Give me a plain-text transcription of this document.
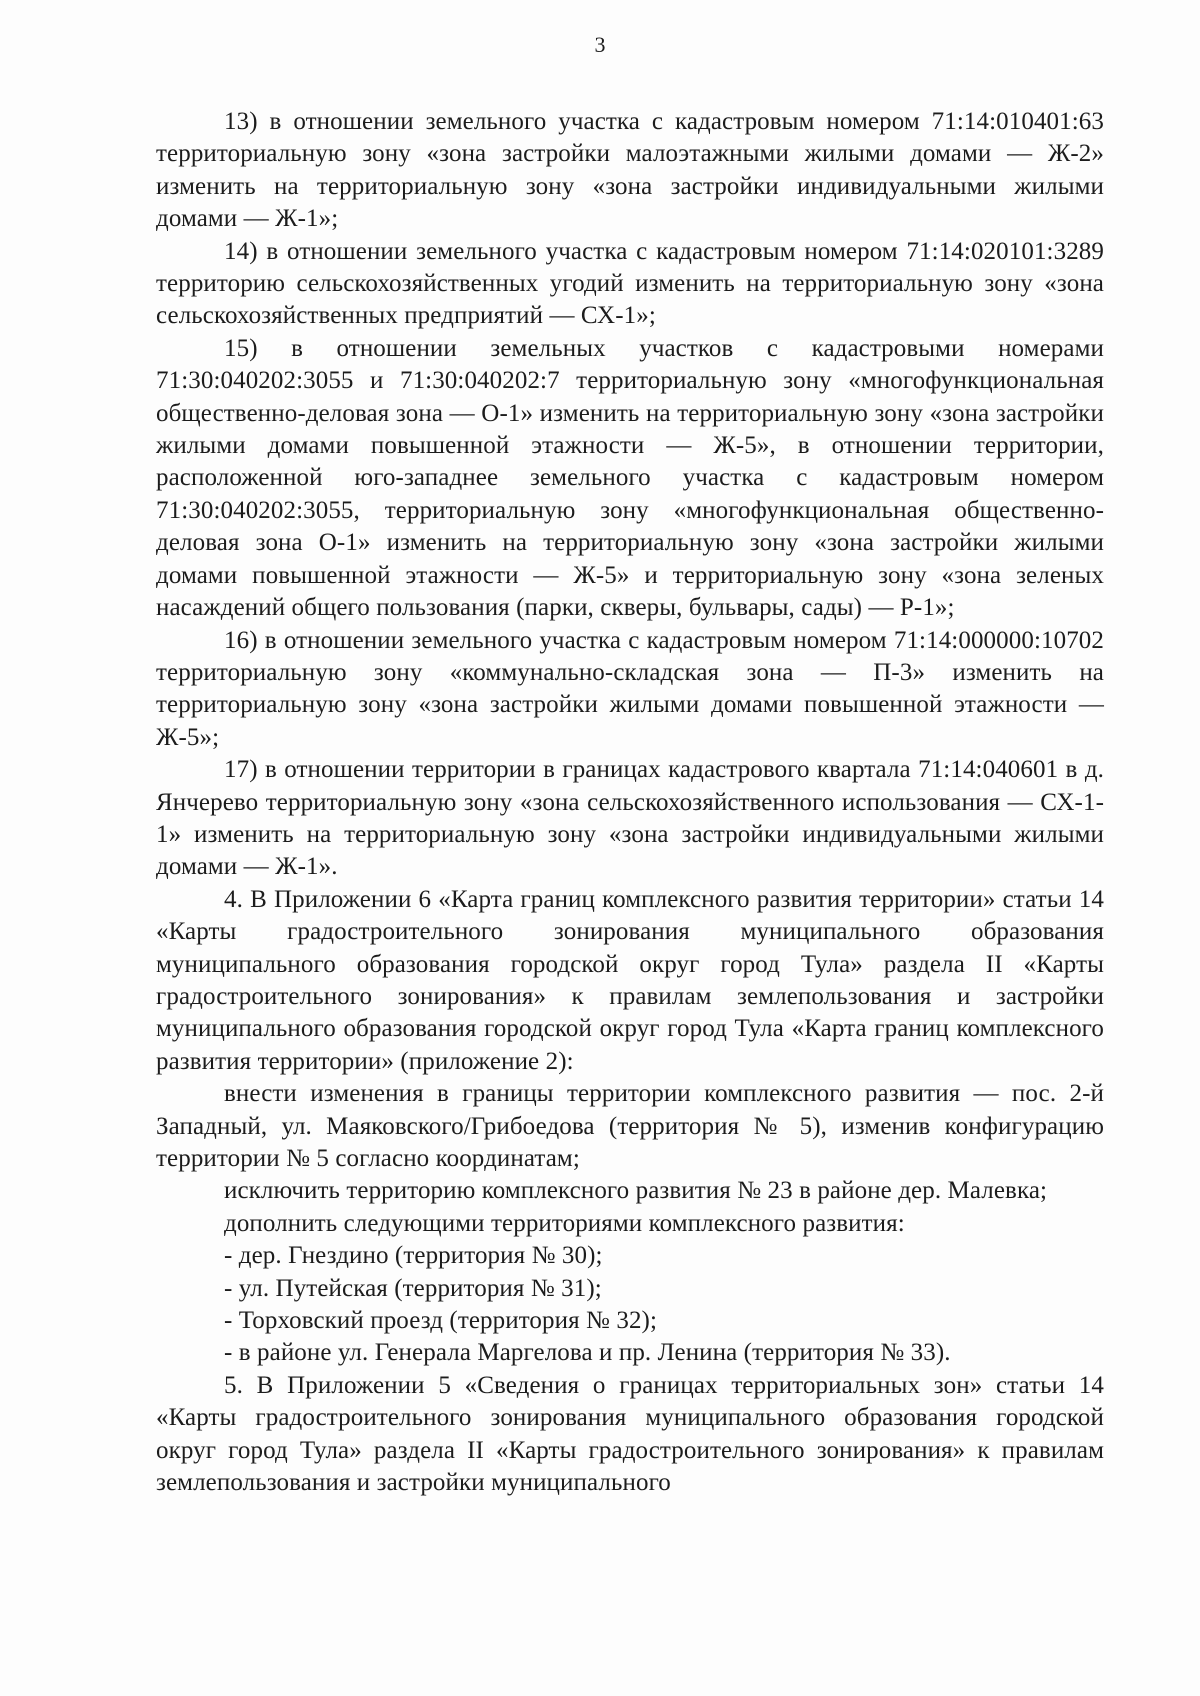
3

13) в отношении земельного участка с кадастровым номером 71:14:010401:63 территориальную зону «зона застройки малоэтажными жилыми домами — Ж-2» изменить на территориальную зону «зона застройки индивидуальными жилыми домами — Ж-1»;

14) в отношении земельного участка с кадастровым номером 71:14:020101:3289 территорию сельскохозяйственных угодий изменить на территориальную зону «зона сельскохозяйственных предприятий — СХ-1»;

15) в отношении земельных участков с кадастровыми номерами 71:30:040202:3055 и 71:30:040202:7 территориальную зону «многофункциональная общественно-деловая зона — О-1» изменить на территориальную зону «зона застройки жилыми домами повышенной этажности — Ж-5», в отношении территории, расположенной юго-западнее земельного участка с кадастровым номером 71:30:040202:3055, территориальную зону «многофункциональная общественно-деловая зона О-1» изменить на территориальную зону «зона застройки жилыми домами повышенной этажности — Ж-5» и территориальную зону «зона зеленых насаждений общего пользования (парки, скверы, бульвары, сады) — Р-1»;

16) в отношении земельного участка с кадастровым номером 71:14:000000:10702 территориальную зону «коммунально-складская зона — П-3» изменить на территориальную зону «зона застройки жилыми домами повышенной этажности — Ж-5»;

17) в отношении территории в границах кадастрового квартала 71:14:040601 в д. Янчерево территориальную зону «зона сельскохозяйственного использования — СХ-1-1» изменить на территориальную зону «зона застройки индивидуальными жилыми домами — Ж-1».

4. В Приложении 6 «Карта границ комплексного развития территории» статьи 14 «Карты градостроительного зонирования муниципального образования муниципального образования городской округ город Тула» раздела II «Карты градостроительного зонирования» к правилам землепользования и застройки муниципального образования городской округ город Тула «Карта границ комплексного развития территории» (приложение 2):

внести изменения в границы территории комплексного развития — пос. 2-й Западный, ул. Маяковского/Грибоедова (территория № 5), изменив конфигурацию территории № 5 согласно координатам;

исключить территорию комплексного развития № 23 в районе дер. Малевка;

дополнить следующими территориями комплексного развития:

- дер. Гнездино (территория № 30);

- ул. Путейская (территория № 31);

- Торховский проезд (территория № 32);

- в районе ул. Генерала Маргелова и пр. Ленина (территория № 33).

5. В Приложении 5 «Сведения о границах территориальных зон» статьи 14 «Карты градостроительного зонирования муниципального образования городской округ город Тула» раздела II «Карты градостроительного зонирования» к правилам землепользования и застройки муниципального
